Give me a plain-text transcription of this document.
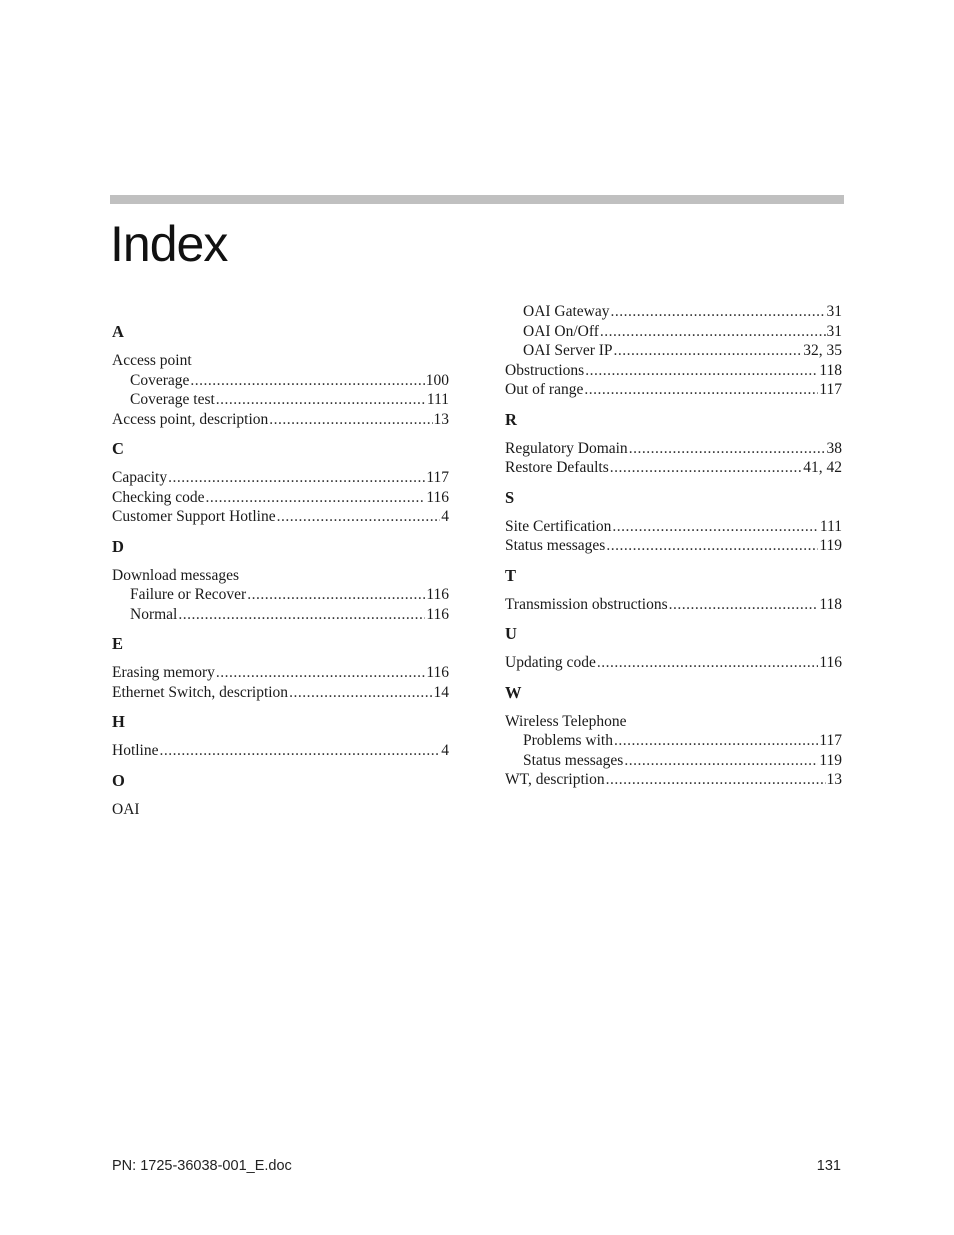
Index
A
Access point
Coverage .....	100
Coverage test .....	111
Access point, description .....	13
C
Capacity .....	117
Checking code .....	116
Customer Support Hotline .....	4
D
Download messages
Failure or Recover .....	116
Normal .....	116
E
Erasing memory .....	116
Ethernet Switch, description .....	14
H
Hotline .....	4
O
OAI
OAI Gateway .....	31
OAI On/Off .....	31
OAI Server IP .....	32, 35
Obstructions .....	118
Out of range .....	117
R
Regulatory Domain .....	38
Restore Defaults .....	41, 42
S
Site Certification .....	111
Status messages .....	119
T
Transmission obstructions .....	118
U
Updating code .....	116
W
Wireless Telephone
Problems with .....	117
Status messages .....	119
WT, description .....	13
PN: 1725-36038-001_E.doc	131
